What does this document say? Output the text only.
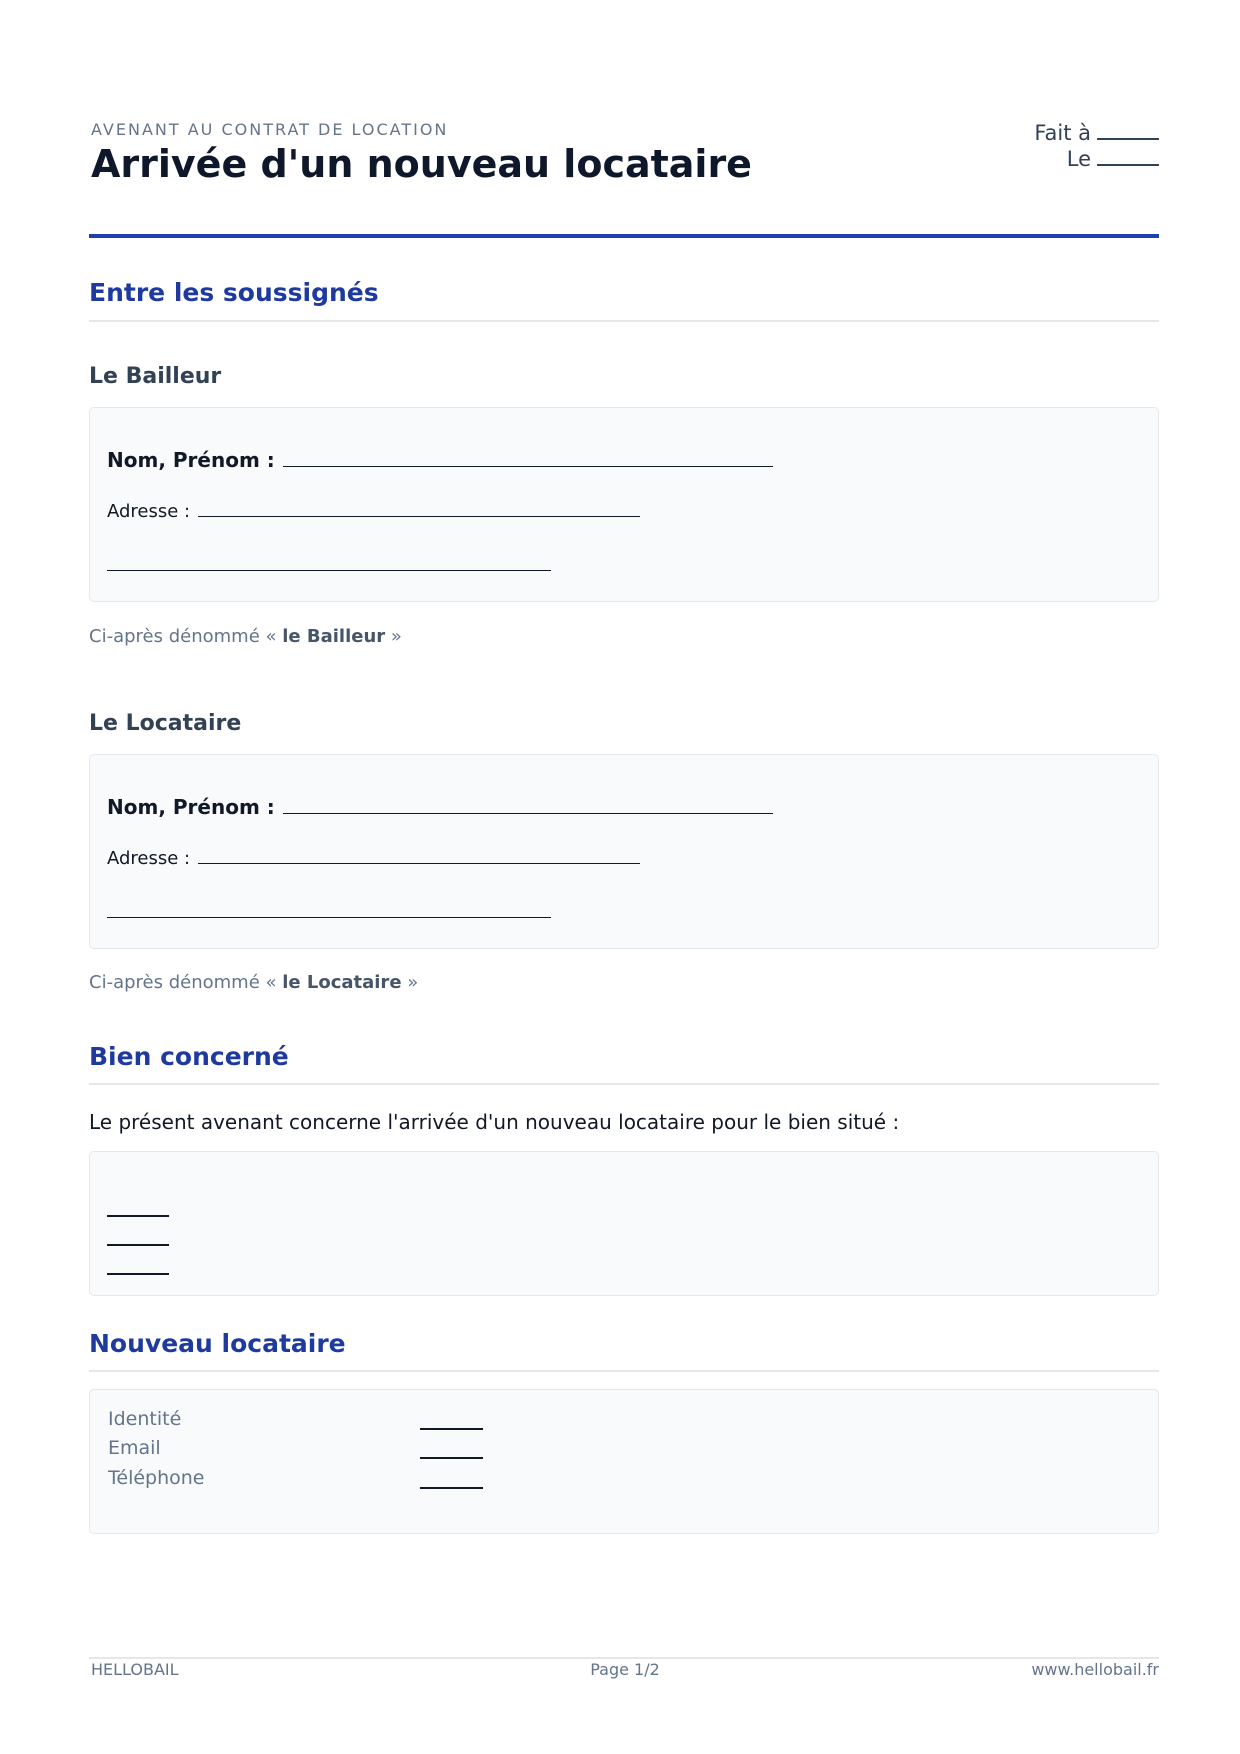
AVENANT AU CONTRAT DE LOCATION
Arrivée d'un nouveau locataire
Fait à
Le
Entre les soussignés
Le Bailleur
Nom, Prénom :
Adresse :
Ci-après dénommé « le Bailleur »
Le Locataire
Nom, Prénom :
Adresse :
Ci-après dénommé « le Locataire »
Bien concerné
Le présent avenant concerne l'arrivée d'un nouveau locataire pour le bien situé :
Nouveau locataire
Identité
Email
Téléphone
HELLOBAIL	Page 1/2	www.hellobail.fr
